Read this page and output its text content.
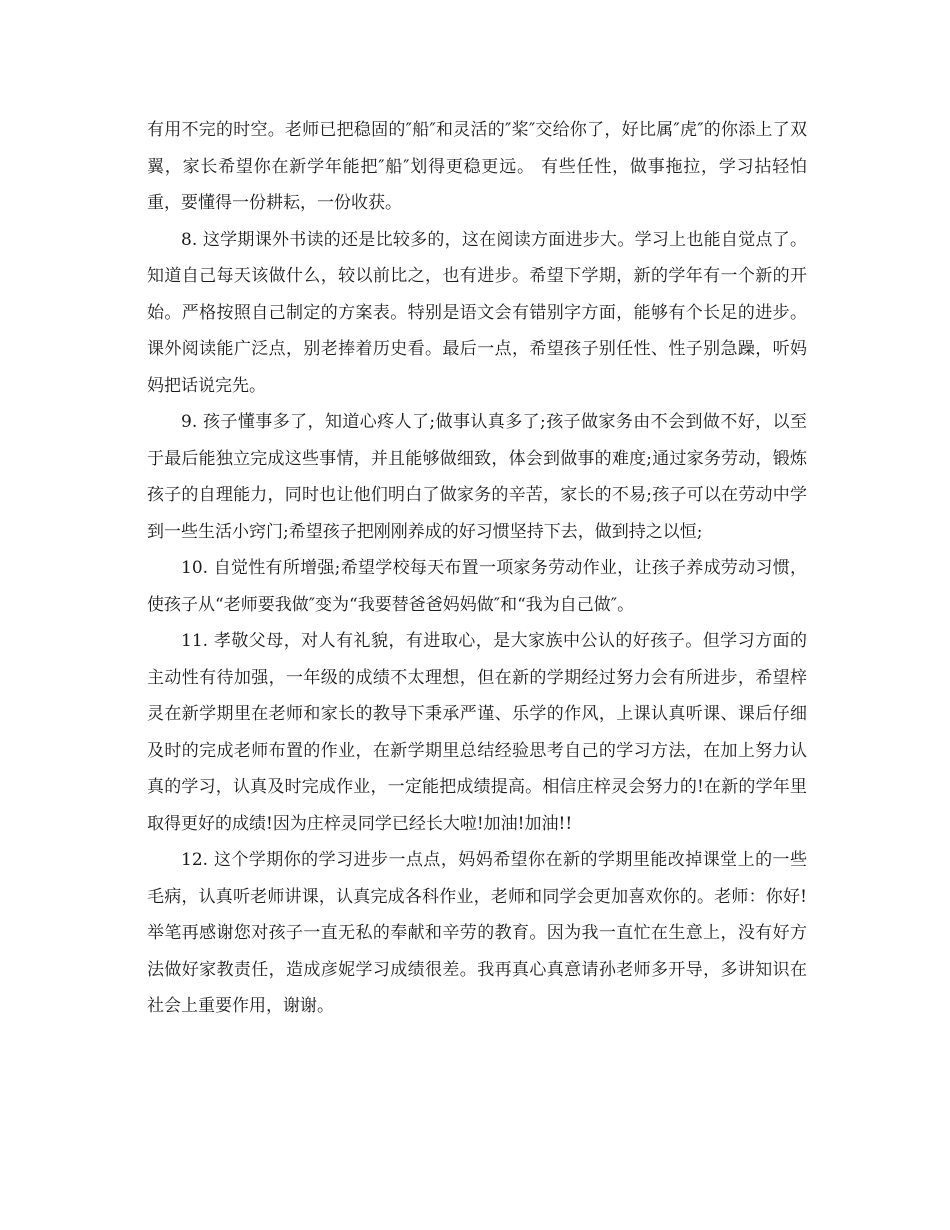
有用不完的时空。老师已把稳固的″船″和灵活的″桨″交给你了，好比属″虎″的你添上了双翼，家长希望你在新学年能把″船″划得更稳更远。 有些任性，做事拖拉，学习拈轻怕重，要懂得一份耕耘，一份收获。

8. 这学期课外书读的还是比较多的，这在阅读方面进步大。学习上也能自觉点了。知道自己每天该做什么，较以前比之，也有进步。希望下学期，新的学年有一个新的开始。严格按照自己制定的方案表。特别是语文会有错别字方面，能够有个长足的进步。课外阅读能广泛点，别老捧着历史看。最后一点，希望孩子别任性、性子别急躁，听妈妈把话说完先。

9. 孩子懂事多了，知道心疼人了;做事认真多了;孩子做家务由不会到做不好，以至于最后能独立完成这些事情，并且能够做细致，体会到做事的难度;通过家务劳动，锻炼孩子的自理能力，同时也让他们明白了做家务的辛苦，家长的不易;孩子可以在劳动中学到一些生活小窍门;希望孩子把刚刚养成的好习惯坚持下去，做到持之以恒;

10. 自觉性有所增强;希望学校每天布置一项家务劳动作业，让孩子养成劳动习惯，使孩子从“老师要我做″变为“我要替爸爸妈妈做″和“我为自己做″。

11. 孝敬父母，对人有礼貌，有进取心，是大家族中公认的好孩子。但学习方面的主动性有待加强，一年级的成绩不太理想，但在新的学期经过努力会有所进步，希望梓灵在新学期里在老师和家长的教导下秉承严谨、乐学的作风，上课认真听课、课后仔细及时的完成老师布置的作业，在新学期里总结经验思考自己的学习方法，在加上努力认真的学习，认真及时完成作业，一定能把成绩提高。相信庄梓灵会努力的!在新的学年里取得更好的成绩!因为庄梓灵同学已经长大啦!加油!加油!!

12. 这个学期你的学习进步一点点，妈妈希望你在新的学期里能改掉课堂上的一些毛病，认真听老师讲课，认真完成各科作业，老师和同学会更加喜欢你的。老师：你好!举笔再感谢您对孩子一直无私的奉献和辛劳的教育。因为我一直忙在生意上，没有好方法做好家教责任，造成彦妮学习成绩很差。我再真心真意请孙老师多开导，多讲知识在社会上重要作用，谢谢。
